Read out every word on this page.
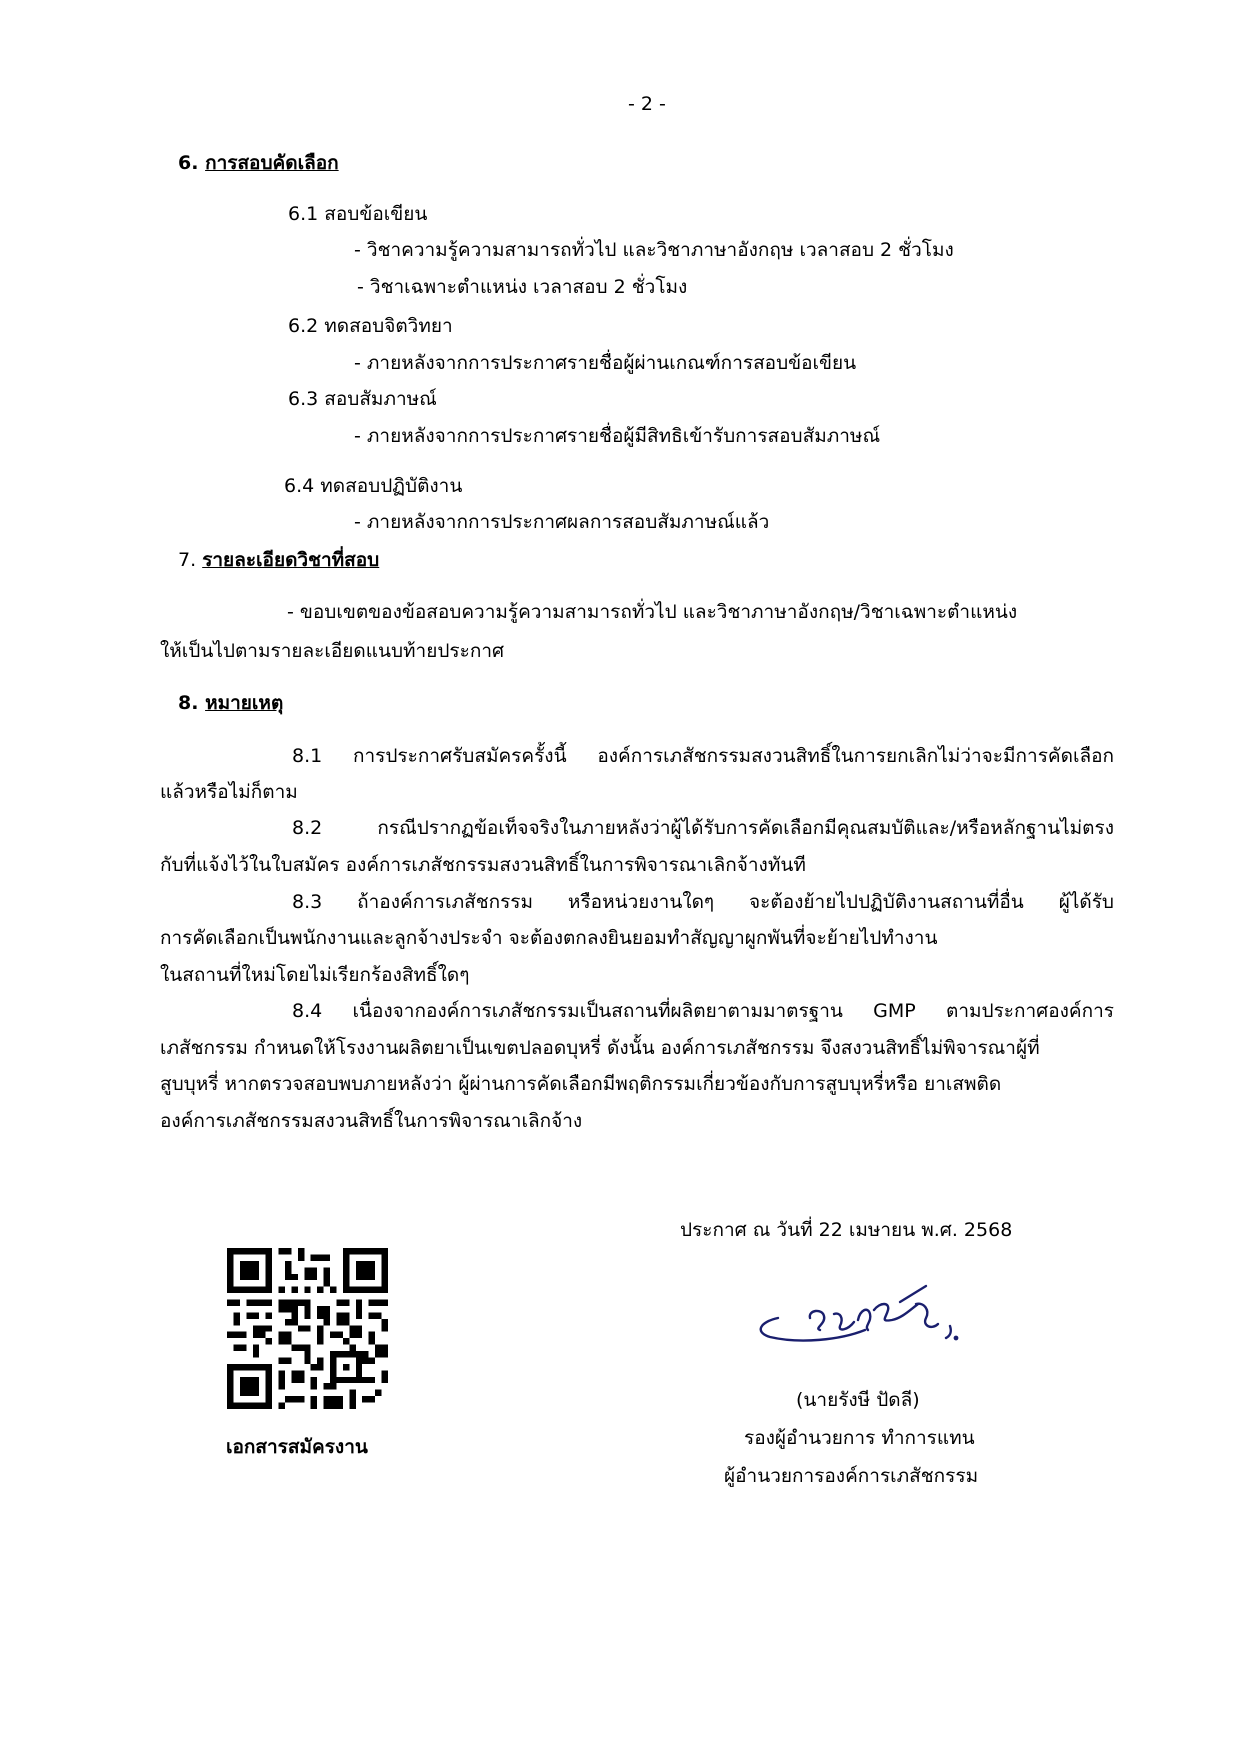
- 2 -
6. การสอบคัดเลือก
6.1 สอบข้อเขียน
- วิชาความรู้ความสามารถทั่วไป และวิชาภาษาอังกฤษ เวลาสอบ 2 ชั่วโมง
- วิชาเฉพาะตำแหน่ง เวลาสอบ 2 ชั่วโมง
6.2 ทดสอบจิตวิทยา
- ภายหลังจากการประกาศรายชื่อผู้ผ่านเกณฑ์การสอบข้อเขียน
6.3 สอบสัมภาษณ์
- ภายหลังจากการประกาศรายชื่อผู้มีสิทธิเข้ารับการสอบสัมภาษณ์
6.4 ทดสอบปฏิบัติงาน
- ภายหลังจากการประกาศผลการสอบสัมภาษณ์แล้ว
7. รายละเอียดวิชาที่สอบ
- ขอบเขตของข้อสอบความรู้ความสามารถทั่วไป และวิชาภาษาอังกฤษ/วิชาเฉพาะตำแหน่ง
ให้เป็นไปตามรายละเอียดแนบท้ายประกาศ
8. หมายเหตุ
8.1 การประกาศรับสมัครครั้งนี้ องค์การเภสัชกรรมสงวนสิทธิ์ในการยกเลิกไม่ว่าจะมีการคัดเลือก
แล้วหรือไม่ก็ตาม
8.2 กรณีปรากฏข้อเท็จจริงในภายหลังว่าผู้ได้รับการคัดเลือกมีคุณสมบัติและ/หรือหลักฐานไม่ตรง
กับที่แจ้งไว้ในใบสมัคร องค์การเภสัชกรรมสงวนสิทธิ์ในการพิจารณาเลิกจ้างทันที
8.3 ถ้าองค์การเภสัชกรรม หรือหน่วยงานใดๆ จะต้องย้ายไปปฏิบัติงานสถานที่อื่น ผู้ได้รับ
การคัดเลือกเป็นพนักงานและลูกจ้างประจำ จะต้องตกลงยินยอมทำสัญญาผูกพันที่จะย้ายไปทำงาน
ในสถานที่ใหม่โดยไม่เรียกร้องสิทธิ์ใดๆ
8.4 เนื่องจากองค์การเภสัชกรรมเป็นสถานที่ผลิตยาตามมาตรฐาน GMP ตามประกาศองค์การ
เภสัชกรรม กำหนดให้โรงงานผลิตยาเป็นเขตปลอดบุหรี่ ดังนั้น องค์การเภสัชกรรม จึงสงวนสิทธิ์ไม่พิจารณาผู้ที่
สูบบุหรี่ หากตรวจสอบพบภายหลังว่า ผู้ผ่านการคัดเลือกมีพฤติกรรมเกี่ยวข้องกับการสูบบุหรี่หรือ ยาเสพติด
องค์การเภสัชกรรมสงวนสิทธิ์ในการพิจารณาเลิกจ้าง
ประกาศ ณ วันที่ 22 เมษายน พ.ศ. 2568
เอกสารสมัครงาน
(นายรังษี ปัดลี)
รองผู้อำนวยการ ทำการแทน
ผู้อำนวยการองค์การเภสัชกรรม
